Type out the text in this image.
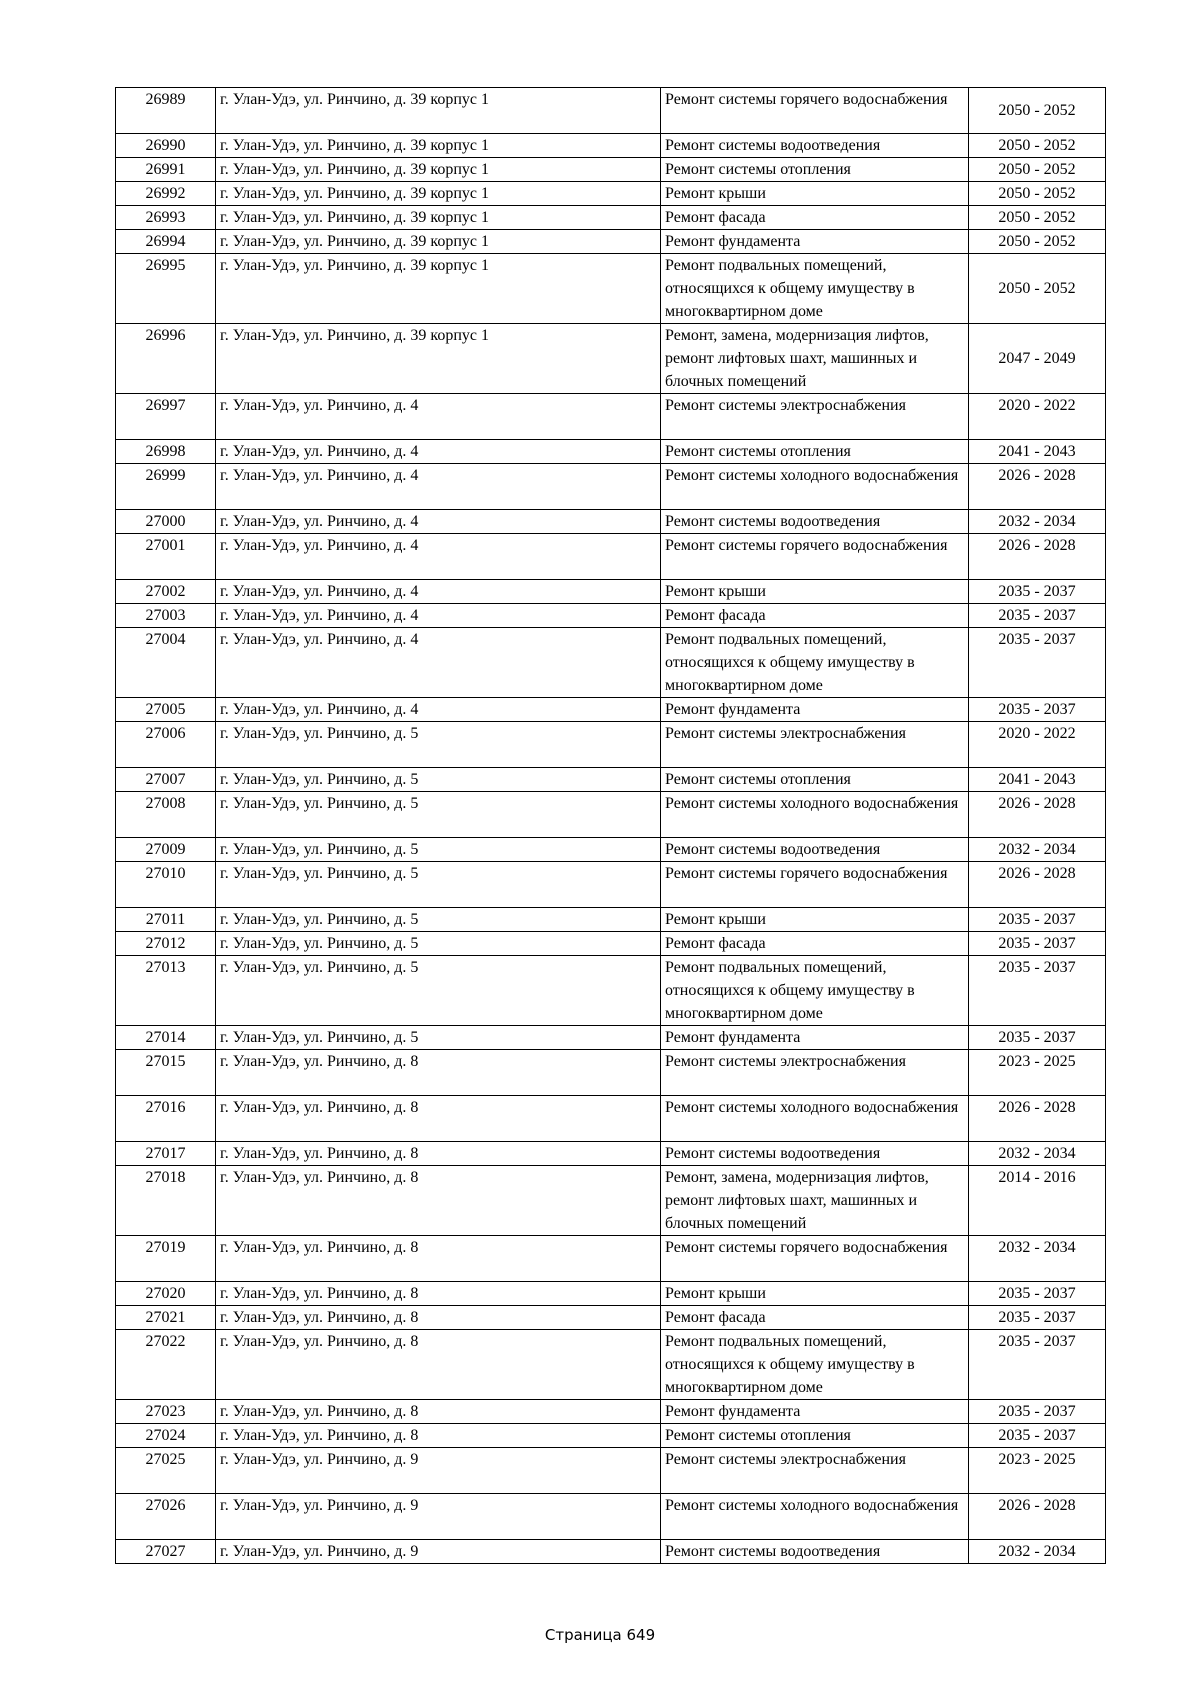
26989	г. Улан-Удэ, ул. Ринчино, д. 39 корпус 1	Ремонт системы горячего водоснабжения	2050 - 2052
26990	г. Улан-Удэ, ул. Ринчино, д. 39 корпус 1	Ремонт системы водоотведения	2050 - 2052
26991	г. Улан-Удэ, ул. Ринчино, д. 39 корпус 1	Ремонт системы отопления	2050 - 2052
26992	г. Улан-Удэ, ул. Ринчино, д. 39 корпус 1	Ремонт крыши	2050 - 2052
26993	г. Улан-Удэ, ул. Ринчино, д. 39 корпус 1	Ремонт фасада	2050 - 2052
26994	г. Улан-Удэ, ул. Ринчино, д. 39 корпус 1	Ремонт фундамента	2050 - 2052
26995	г. Улан-Удэ, ул. Ринчино, д. 39 корпус 1	Ремонт подвальных помещений, относящихся к общему имуществу в многоквартирном доме	2050 - 2052
26996	г. Улан-Удэ, ул. Ринчино, д. 39 корпус 1	Ремонт, замена, модернизация лифтов, ремонт лифтовых шахт, машинных и блочных помещений	2047 - 2049
26997	г. Улан-Удэ, ул. Ринчино, д. 4	Ремонт системы электроснабжения	2020 - 2022
26998	г. Улан-Удэ, ул. Ринчино, д. 4	Ремонт системы отопления	2041 - 2043
26999	г. Улан-Удэ, ул. Ринчино, д. 4	Ремонт системы холодного водоснабжения	2026 - 2028
27000	г. Улан-Удэ, ул. Ринчино, д. 4	Ремонт системы водоотведения	2032 - 2034
27001	г. Улан-Удэ, ул. Ринчино, д. 4	Ремонт системы горячего водоснабжения	2026 - 2028
27002	г. Улан-Удэ, ул. Ринчино, д. 4	Ремонт крыши	2035 - 2037
27003	г. Улан-Удэ, ул. Ринчино, д. 4	Ремонт фасада	2035 - 2037
27004	г. Улан-Удэ, ул. Ринчино, д. 4	Ремонт подвальных помещений, относящихся к общему имуществу в многоквартирном доме	2035 - 2037
27005	г. Улан-Удэ, ул. Ринчино, д. 4	Ремонт фундамента	2035 - 2037
27006	г. Улан-Удэ, ул. Ринчино, д. 5	Ремонт системы электроснабжения	2020 - 2022
27007	г. Улан-Удэ, ул. Ринчино, д. 5	Ремонт системы отопления	2041 - 2043
27008	г. Улан-Удэ, ул. Ринчино, д. 5	Ремонт системы холодного водоснабжения	2026 - 2028
27009	г. Улан-Удэ, ул. Ринчино, д. 5	Ремонт системы водоотведения	2032 - 2034
27010	г. Улан-Удэ, ул. Ринчино, д. 5	Ремонт системы горячего водоснабжения	2026 - 2028
27011	г. Улан-Удэ, ул. Ринчино, д. 5	Ремонт крыши	2035 - 2037
27012	г. Улан-Удэ, ул. Ринчино, д. 5	Ремонт фасада	2035 - 2037
27013	г. Улан-Удэ, ул. Ринчино, д. 5	Ремонт подвальных помещений, относящихся к общему имуществу в многоквартирном доме	2035 - 2037
27014	г. Улан-Удэ, ул. Ринчино, д. 5	Ремонт фундамента	2035 - 2037
27015	г. Улан-Удэ, ул. Ринчино, д. 8	Ремонт системы электроснабжения	2023 - 2025
27016	г. Улан-Удэ, ул. Ринчино, д. 8	Ремонт системы холодного водоснабжения	2026 - 2028
27017	г. Улан-Удэ, ул. Ринчино, д. 8	Ремонт системы водоотведения	2032 - 2034
27018	г. Улан-Удэ, ул. Ринчино, д. 8	Ремонт, замена, модернизация лифтов, ремонт лифтовых шахт, машинных и блочных помещений	2014 - 2016
27019	г. Улан-Удэ, ул. Ринчино, д. 8	Ремонт системы горячего водоснабжения	2032 - 2034
27020	г. Улан-Удэ, ул. Ринчино, д. 8	Ремонт крыши	2035 - 2037
27021	г. Улан-Удэ, ул. Ринчино, д. 8	Ремонт фасада	2035 - 2037
27022	г. Улан-Удэ, ул. Ринчино, д. 8	Ремонт подвальных помещений, относящихся к общему имуществу в многоквартирном доме	2035 - 2037
27023	г. Улан-Удэ, ул. Ринчино, д. 8	Ремонт фундамента	2035 - 2037
27024	г. Улан-Удэ, ул. Ринчино, д. 8	Ремонт системы отопления	2035 - 2037
27025	г. Улан-Удэ, ул. Ринчино, д. 9	Ремонт системы электроснабжения	2023 - 2025
27026	г. Улан-Удэ, ул. Ринчино, д. 9	Ремонт системы холодного водоснабжения	2026 - 2028
27027	г. Улан-Удэ, ул. Ринчино, д. 9	Ремонт системы водоотведения	2032 - 2034
Страница 649
